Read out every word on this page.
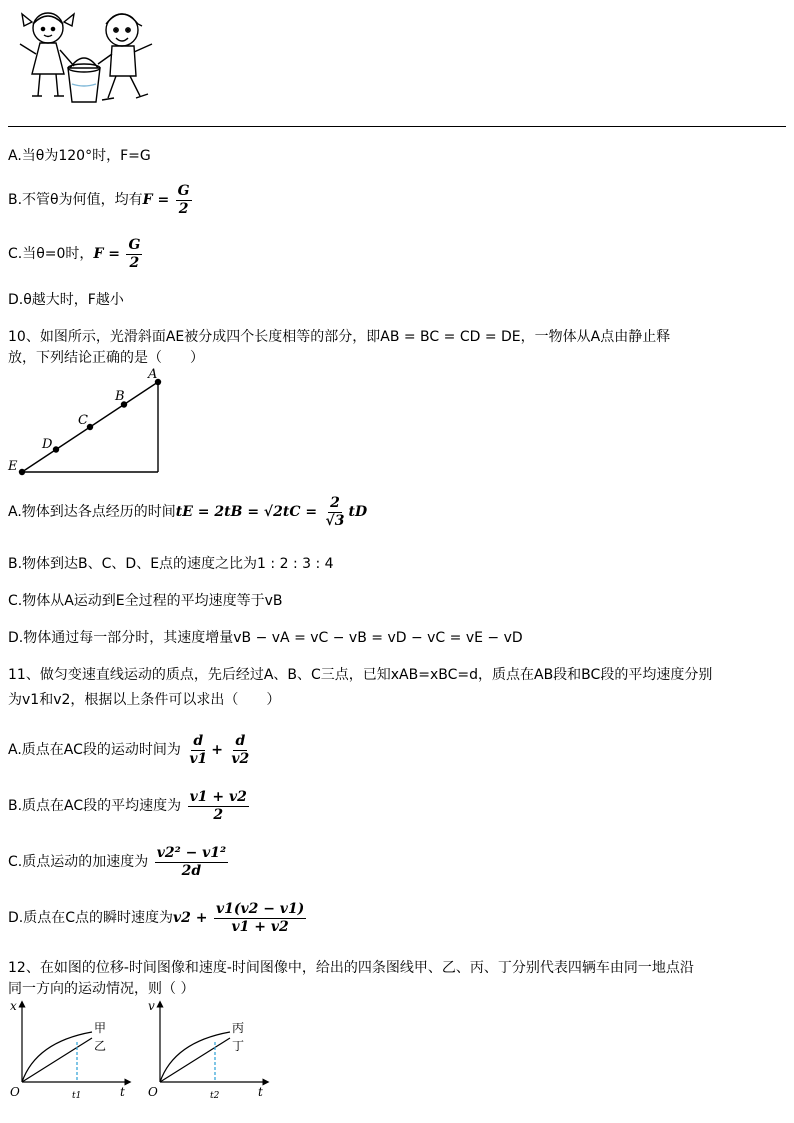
A.当θ为120°时，F=G
B.不管θ为何值，均有$F = \frac{G}{2}$
C.当θ=0时，$F = \frac{G}{2}$
D.θ越大时，F越小
10、如图所示，光滑斜面AE被分成四个长度相等的部分，即AB = BC = CD = DE，一物体从A点由静止释
放，下列结论正确的是（　　）
A
B
C
D
E
A.物体到达各点经历的时间tE = $2tB = √2tC = \frac{2}{√3}$ tD
B.物体到达B、C、D、E点的速度之比为1 : 2 : 3 : 4
C.物体从A运动到E全过程的平均速度等于vB
D.物体通过每一部分时，其速度增量vB − vA = vC − vB = vD − vC = vE − vD
11、做匀变速直线运动的质点，先后经过A、B、C三点，已知xAB=xBC=d，质点在AB段和BC段的平均速度分别
为v1和v2，根据以上条件可以求出（　　）
A.质点在AC段的运动时间为 $\frac{d}{v1} + \frac{d}{v2}$
B.质点在AC段的平均速度为 $\frac{v1 + v2}{2}$
C.质点运动的加速度为 $\frac{\text{v2² − v1²}}{2d}$
D.质点在C点的瞬时速度为$v2 + \frac{v1(v2 - v1)}{v1 + v2}$
12、在如图的位移-时间图像和速度-时间图像中，给出的四条图线甲、乙、丙、丁分别代表四辆车由同一地点沿
同一方向的运动情况，则（ ）
x
t
O	t1
甲
乙
v
t
O	t2
丙
丁
